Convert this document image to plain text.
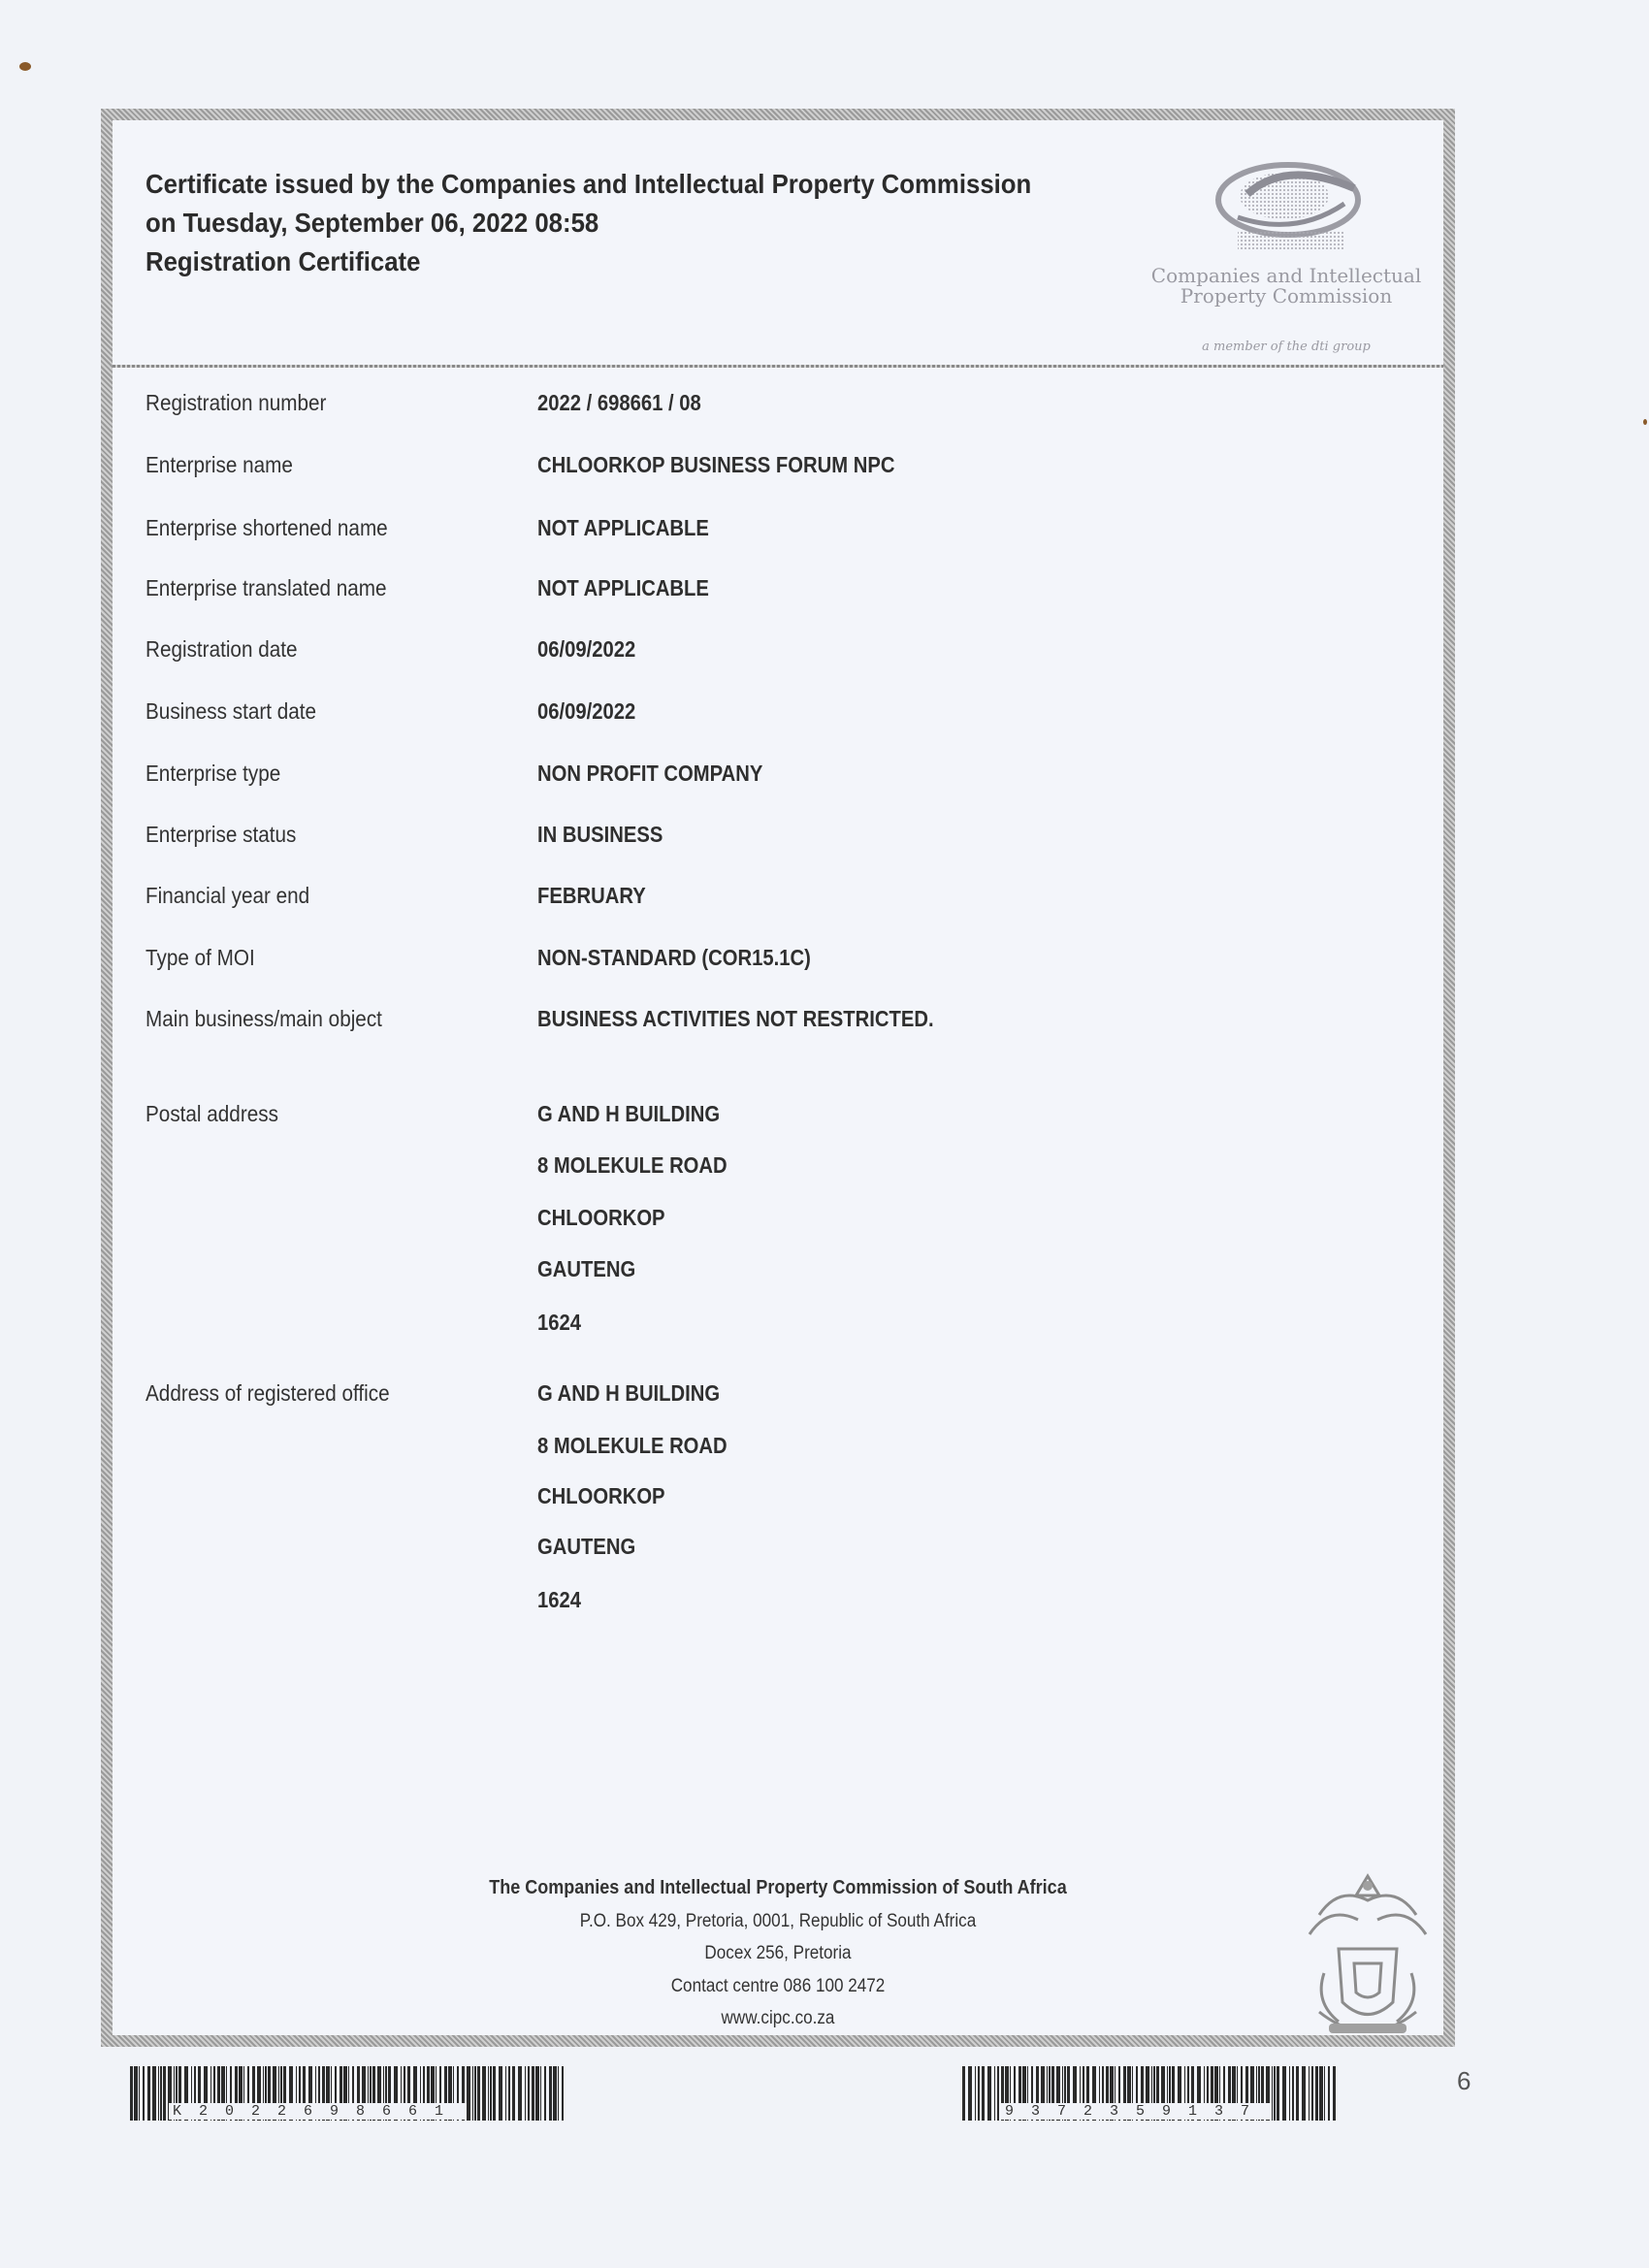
Certificate issued by the Companies and Intellectual Property Commission
on Tuesday, September 06, 2022 08:58
Registration Certificate	Companies and Intellectual
Property Commission
a member of the dti group
Registration number	2022 / 698661 / 08
Enterprise name	CHLOORKOP BUSINESS FORUM NPC
Enterprise shortened name	NOT APPLICABLE
Enterprise translated name	NOT APPLICABLE
Registration date	06/09/2022
Business start date	06/09/2022
Enterprise type	NON PROFIT COMPANY
Enterprise status	IN BUSINESS
Financial year end	FEBRUARY
Type of MOI	NON-STANDARD (COR15.1C)
Main business/main object	BUSINESS ACTIVITIES NOT RESTRICTED.
Postal address	G AND H BUILDING
8 MOLEKULE ROAD
CHLOORKOP
GAUTENG
1624
Address of registered office	G AND H BUILDING
8 MOLEKULE ROAD
CHLOORKOP
GAUTENG
1624
The Companies and Intellectual Property Commission of South Africa
P.O. Box 429, Pretoria, 0001, Republic of South Africa
Docex 256, Pretoria
Contact centre 086 100 2472
www.cipc.co.za
K	2	0	2	2	6	9	8	6	6	1	9	3	7	2	3	5	9	1	3	7
6
